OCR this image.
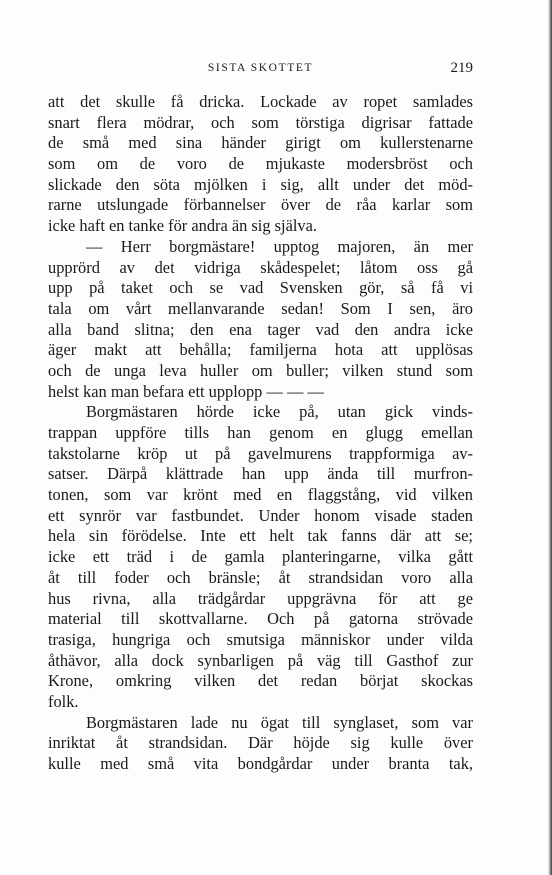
SISTA SKOTTET	219
att det skulle få dricka. Lockade av ropet samlades
snart flera mödrar, och som törstiga digrisar fattade
de små med sina händer girigt om kullerstenarne
som om de voro de mjukaste modersbröst och
slickade den söta mjölken i sig, allt under det möd-
rarne utslungade förbannelser över de råa karlar som
icke haft en tanke för andra än sig själva.
— Herr borgmästare! upptog majoren, än mer
upprörd av det vidriga skådespelet; låtom oss gå
upp på taket och se vad Svensken gör, så få vi
tala om vårt mellanvarande sedan! Som I sen, äro
alla band slitna; den ena tager vad den andra icke
äger makt att behålla; familjerna hota att upplösas
och de unga leva huller om buller; vilken stund som
helst kan man befara ett upplopp — — —
Borgmästaren hörde icke på, utan gick vinds-
trappan uppföre tills han genom en glugg emellan
takstolarne kröp ut på gavelmurens trappformiga av-
satser. Därpå klättrade han upp ända till murfron-
tonen, som var krönt med en flaggstång, vid vilken
ett synrör var fastbundet. Under honom visade staden
hela sin förödelse. Inte ett helt tak fanns där att se;
icke ett träd i de gamla planteringarne, vilka gått
åt till foder och bränsle; åt strandsidan voro alla
hus rivna, alla trädgårdar uppgrävna för att ge
material till skottvallarne. Och på gatorna strövade
trasiga, hungriga och smutsiga människor under vilda
åthävor, alla dock synbarligen på väg till Gasthof zur
Krone, omkring vilken det redan börjat skockas
folk.
Borgmästaren lade nu ögat till synglaset, som var
inriktat åt strandsidan. Där höjde sig kulle över
kulle med små vita bondgårdar under branta tak,
